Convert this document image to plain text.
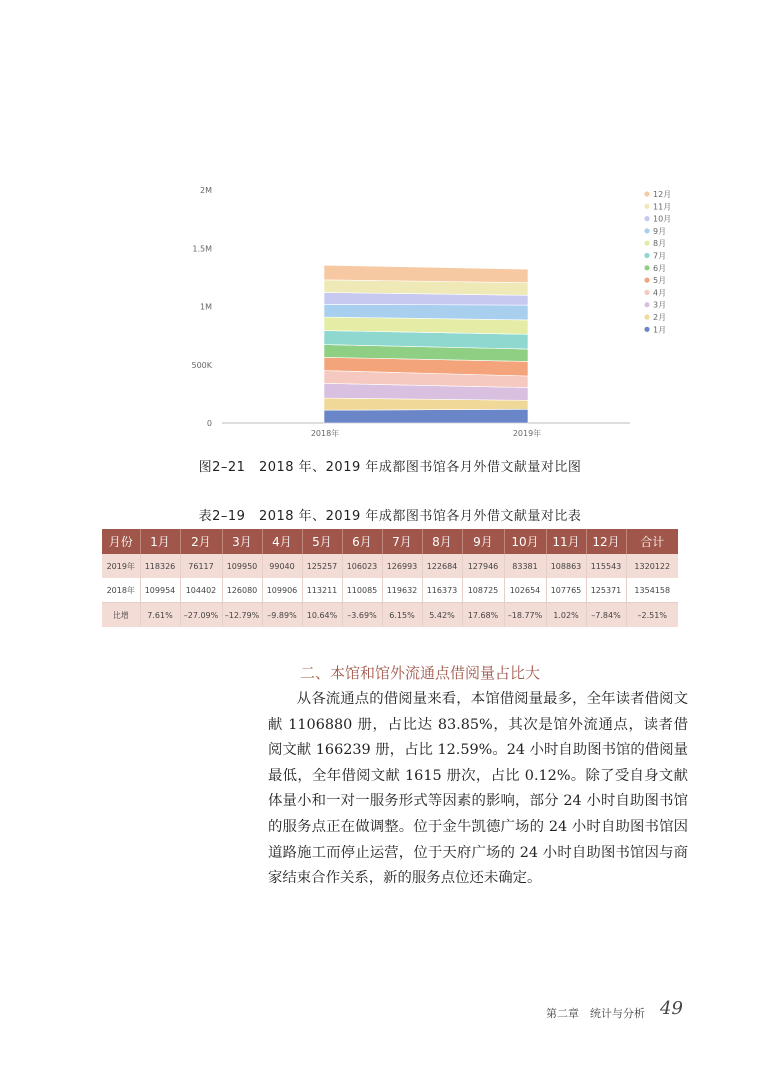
0
500K
1M
1.5M
2M
2018年	2019年
12月
11月
10月
9月
8月
7月
6月
5月
4月
3月
2月
1月
图2–21　2018 年、2019 年成都图书馆各月外借文献量对比图
表2–19　2018 年、2019 年成都图书馆各月外借文献量对比表
月份	1月	2月	3月	4月	5月	6月	7月	8月	9月	10月	11月	12月	合计
2019年	118326	76117	109950	99040	125257	106023	126993	122684	127946	83381	108863	115543	1320122
2018年	109954	104402	126080	109906	113211	110085	119632	116373	108725	102654	107765	125371	1354158
比增	7.61%	–27.09%	–12.79%	–9.89%	10.64%	–3.69%	6.15%	5.42%	17.68%	–18.77%	1.02%	–7.84%	–2.51%
二、本馆和馆外流通点借阅量占比大

从各流通点的借阅量来看，本馆借阅量最多，全年读者借阅文献 1106880 册，占比达 83.85%，其次是馆外流通点，读者借阅文献 166239 册，占比 12.59%。24 小时自助图书馆的借阅量最低，全年借阅文献 1615 册次，占比 0.12%。除了受自身文献体量小和一对一服务形式等因素的影响，部分 24 小时自助图书馆的服务点正在做调整。位于金牛凯德广场的 24 小时自助图书馆因道路施工而停止运营，位于天府广场的 24 小时自助图书馆因与商家结束合作关系，新的服务点位还未确定。

第二章　统计与分析 49
